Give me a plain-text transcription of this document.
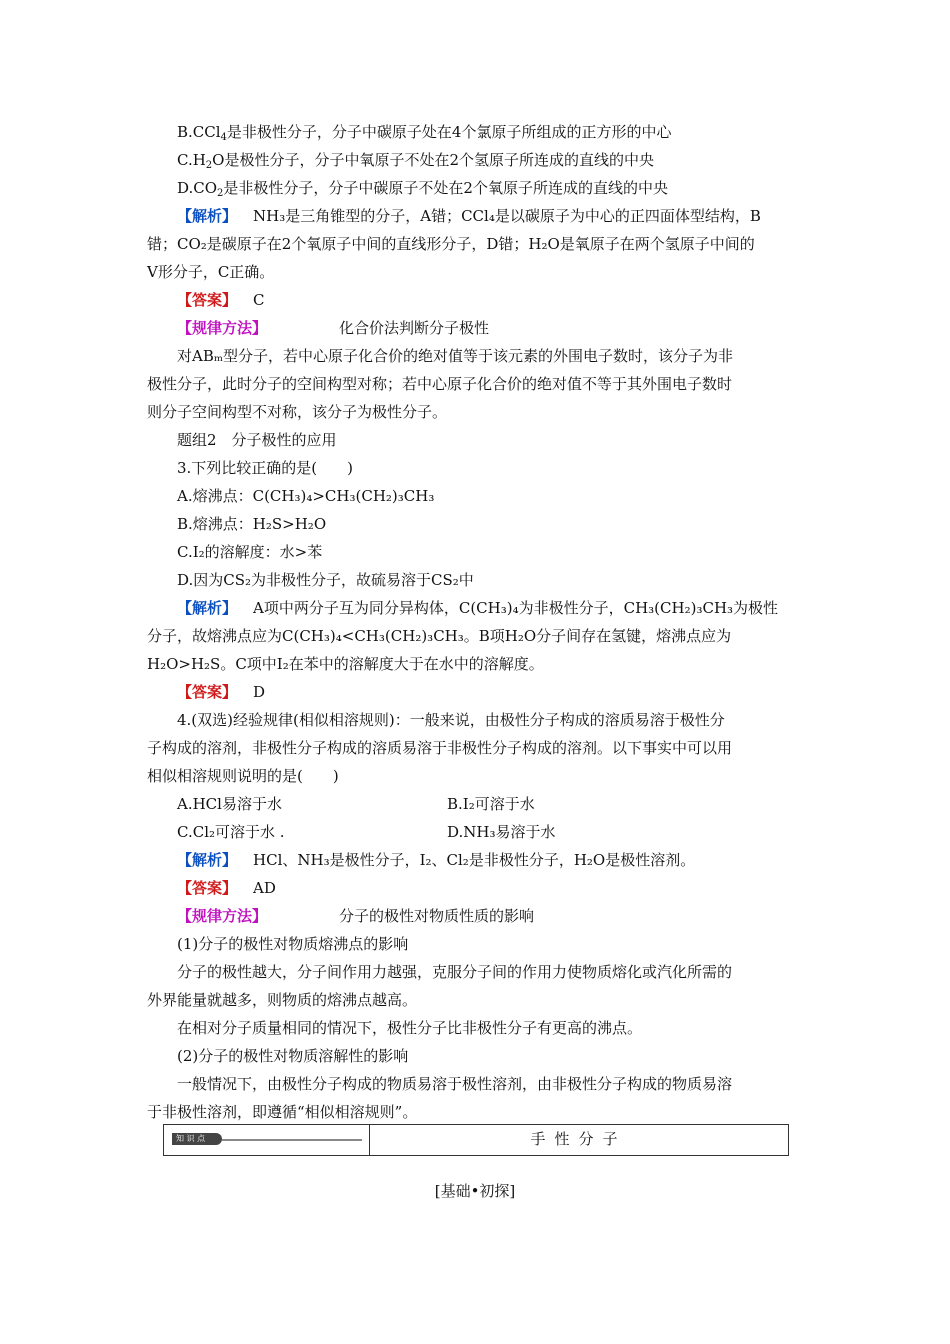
B.CCl$_4$是非极性分子，分子中碳原子处在4个氯原子所组成的正方形的中心
$C.H_2O$是极性分子，分子中氧原子不处在2个氢原子所连成的直线的中央
$D.CO_2$是非极性分子，分子中碳原子不处在2个氧原子所连成的直线的中央
【解析】 NH₃是三角锥型的分子，A错；CCl₄是以碳原子为中心的正四面体型结构，B
错；CO₂是碳原子在2个氧原子中间的直线形分子，D错；H₂O是氧原子在两个氢原子中间的
V形分子，C正确。
【答案】 C
【规律方法】	化合价法判断分子极性
对ABₘ型分子，若中心原子化合价的绝对值等于该元素的外围电子数时，该分子为非
极性分子，此时分子的空间构型对称；若中心原子化合价的绝对值不等于其外围电子数时
则分子空间构型不对称，该分子为极性分子。
题组2　分子极性的应用
3.下列比较正确的是(　　)
A.熔沸点：C(CH₃)₄>CH₃(CH₂)₃CH₃
B.熔沸点：H₂S>H₂O
C.I₂的溶解度：水>苯
D.因为CS₂为非极性分子，故硫易溶于CS₂中
【解析】 A项中两分子互为同分异构体，C(CH₃)₄为非极性分子，CH₃(CH₂)₃CH₃为极性
分子，故熔沸点应为C(CH₃)₄<CH₃(CH₂)₃CH₃。B项H₂O分子间存在氢键，熔沸点应为
H₂O>H₂S。C项中I₂在苯中的溶解度大于在水中的溶解度。
【答案】 D
4.(双选)经验规律(相似相溶规则)：一般来说，由极性分子构成的溶质易溶于极性分
子构成的溶剂，非极性分子构成的溶质易溶于非极性分子构成的溶剂。以下事实中可以用
相似相溶规则说明的是(　　)
A.HCl易溶于水	B.I₂可溶于水
C.Cl₂可溶于水 .	D.NH₃易溶于水
【解析】 HCl、NH₃是极性分子，I₂、Cl₂是非极性分子，H₂O是极性溶剂。
【答案】 AD
【规律方法】	分子的极性对物质性质的影响
(1)分子的极性对物质熔沸点的影响
分子的极性越大，分子间作用力越强，克服分子间的作用力使物质熔化或汽化所需的
外界能量就越多，则物质的熔沸点越高。
在相对分子质量相同的情况下，极性分子比非极性分子有更高的沸点。
(2)分子的极性对物质溶解性的影响
一般情况下，由极性分子构成的物质易溶于极性溶剂，由非极性分子构成的物质易溶
于非极性溶剂，即遵循“相似相溶规则”。
知 识 点	手性分子
[基础•初探]
